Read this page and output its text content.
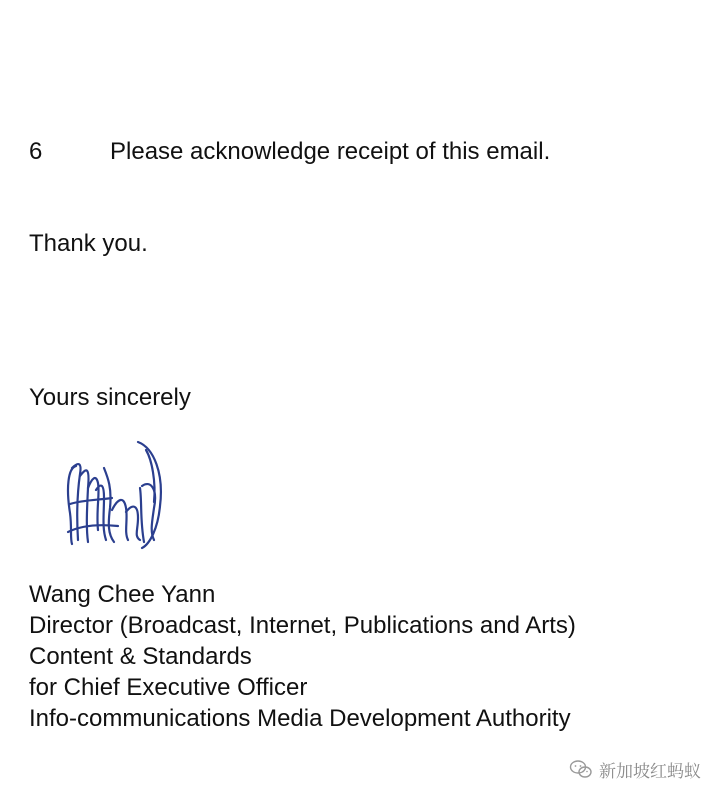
6	Please acknowledge receipt of this email.
Thank you.
Yours sincerely
Wang Chee Yann
Director (Broadcast, Internet, Publications and Arts)
Content & Standards
for Chief Executive Officer
Info-communications Media Development Authority
新加坡红蚂蚁
